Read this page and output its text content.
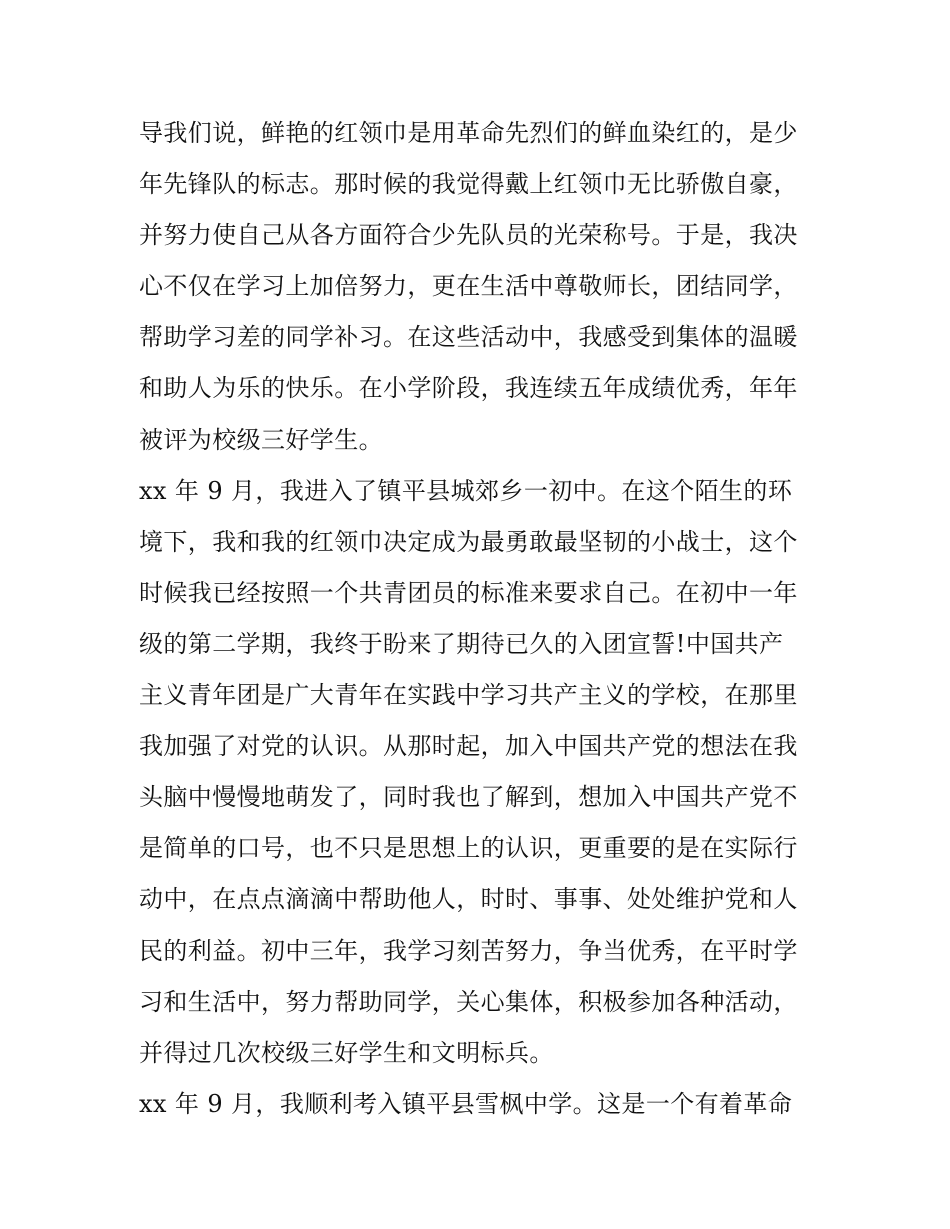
导我们说，鲜艳的红领巾是用革命先烈们的鲜血染红的，是少
年先锋队的标志。那时候的我觉得戴上红领巾无比骄傲自豪，
并努力使自己从各方面符合少先队员的光荣称号。于是，我决
心不仅在学习上加倍努力，更在生活中尊敬师长，团结同学，
帮助学习差的同学补习。在这些活动中，我感受到集体的温暖
和助人为乐的快乐。在小学阶段，我连续五年成绩优秀，年年
被评为校级三好学生。
xx 年 9 月，我进入了镇平县城郊乡一初中。在这个陌生的环
境下，我和我的红领巾决定成为最勇敢最坚韧的小战士，这个
时候我已经按照一个共青团员的标准来要求自己。在初中一年
级的第二学期，我终于盼来了期待已久的入团宣誓!中国共产
主义青年团是广大青年在实践中学习共产主义的学校，在那里
我加强了对党的认识。从那时起，加入中国共产党的想法在我
头脑中慢慢地萌发了，同时我也了解到，想加入中国共产党不
是简单的口号，也不只是思想上的认识，更重要的是在实际行
动中，在点点滴滴中帮助他人，时时、事事、处处维护党和人
民的利益。初中三年，我学习刻苦努力，争当优秀，在平时学
习和生活中，努力帮助同学，关心集体，积极参加各种活动，
并得过几次校级三好学生和文明标兵。
xx 年 9 月，我顺利考入镇平县雪枫中学。这是一个有着革命
